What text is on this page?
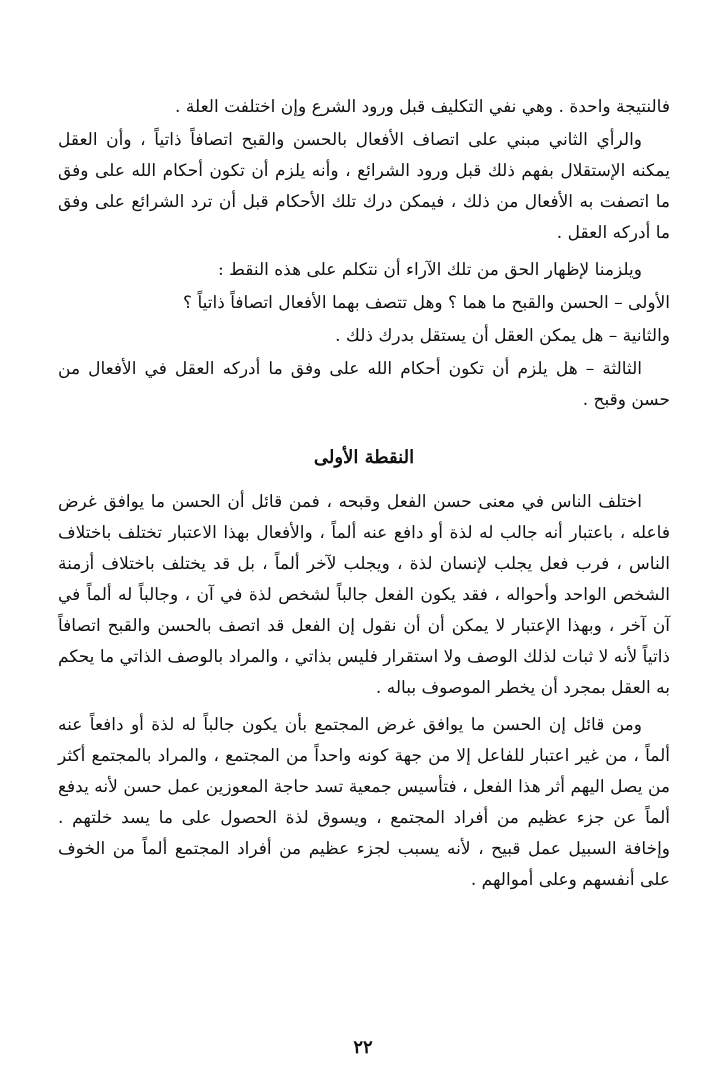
فالنتيجة واحدة . وهي نفي التكليف قبل ورود الشرع وإن اختلفت العلة .

والرأي الثاني مبني على اتصاف الأفعال بالحسن والقبح اتصافاً ذاتياً ، وأن العقل يمكنه الإستقلال بفهم ذلك قبل ورود الشرائع ، وأنه يلزم أن تكون أحكام الله على وفق ما اتصفت به الأفعال من ذلك ، فيمكن درك تلك الأحكام قبل أن ترد الشرائع على وفق ما أدركه العقل .

ويلزمنا لإظهار الحق من تلك الآراء أن نتكلم على هذه النقط :

الأولى – الحسن والقبح ما هما ؟ وهل تتصف بهما الأفعال اتصافاً ذاتياً ؟

والثانية – هل يمكن العقل أن يستقل بدرك ذلك .

الثالثة – هل يلزم أن تكون أحكام الله على وفق ما أدركه العقل في الأفعال من حسن وقبح .

النقطة الأولى

اختلف الناس في معنى حسن الفعل وقبحه ، فمن قائل أن الحسن ما يوافق غرض فاعله ، باعتبار أنه جالب له لذة أو دافع عنه ألماً ، والأفعال بهذا الاعتبار تختلف باختلاف الناس ، فرب فعل يجلب لإنسان لذة ، ويجلب لآخر ألماً ، بل قد يختلف باختلاف أزمنة الشخص الواحد وأحواله ، فقد يكون الفعل جالباً لشخص لذة في آن ، وجالباً له ألماً في آن آخر ، وبهذا الإعتبار لا يمكن أن أن نقول إن الفعل قد اتصف بالحسن والقبح اتصافاً ذاتياً لأنه لا ثبات لذلك الوصف ولا استقرار فليس بذاتي ، والمراد بالوصف الذاتي ما يحكم به العقل بمجرد أن يخطر الموصوف بباله .

ومن قائل إن الحسن ما يوافق غرض المجتمع بأن يكون جالباً له لذة أو دافعاً عنه ألماً ، من غير اعتبار للفاعل إلا من جهة كونه واحداً من المجتمع ، والمراد بالمجتمع أكثر من يصل اليهم أثر هذا الفعل ، فتأسيس جمعية تسد حاجة المعوزين عمل حسن لأنه يدفع ألماً عن جزء عظيم من أفراد المجتمع ، ويسوق لذة الحصول على ما يسد خلتهم . وإخافة السبيل عمل قبيح ، لأنه يسبب لجزء عظيم من أفراد المجتمع ألماً من الخوف على أنفسهم وعلى أموالهم .

٢٢
